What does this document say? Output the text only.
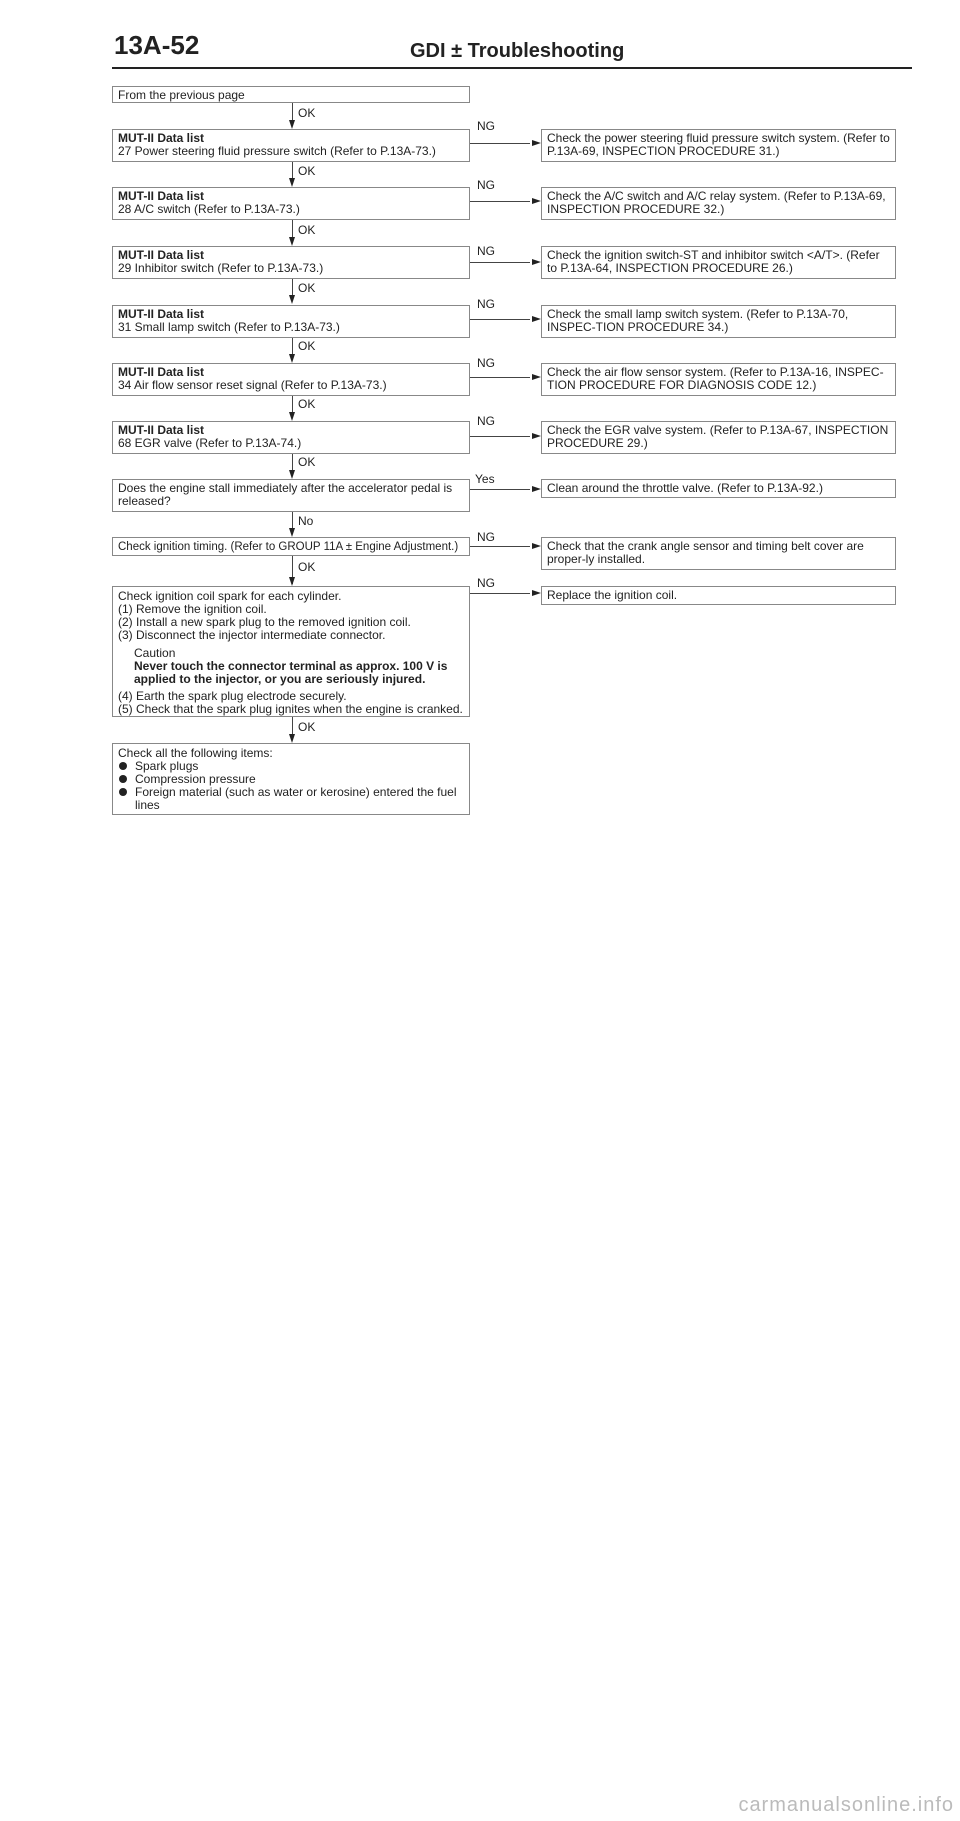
13A-52	GDI ± Troubleshooting
From the previous page
OK
MUT-II Data list
27 Power steering fluid pressure switch (Refer to P.13A-73.)
NG
Check the power steering fluid pressure switch system. (Refer to P.13A-69, INSPECTION PROCEDURE 31.)
OK
MUT-II Data list
28 A/C switch (Refer to P.13A-73.)
NG
Check the A/C switch and A/C relay system. (Refer to P.13A-69, INSPECTION PROCEDURE 32.)
OK
MUT-II Data list
29 Inhibitor switch (Refer to P.13A-73.)
NG	Check the ignition switch-ST and inhibitor switch <A/T>. (Refer to P.13A-64, INSPECTION PROCEDURE 26.)
OK
MUT-II Data list
31 Small lamp switch (Refer to P.13A-73.)
NG
Check the small lamp switch system. (Refer to P.13A-70, INSPEC-TION PROCEDURE 34.)
OK
MUT-II Data list
34 Air flow sensor reset signal (Refer to P.13A-73.)
NG
Check the air flow sensor system. (Refer to P.13A-16, INSPEC-TION PROCEDURE FOR DIAGNOSIS CODE 12.)
OK
MUT-II Data list
68 EGR valve (Refer to P.13A-74.)
NG
Check the EGR valve system. (Refer to P.13A-67, INSPECTION PROCEDURE 29.)
OK
Does the engine stall immediately after the accelerator pedal is released?
Yes
Clean around the throttle valve. (Refer to P.13A-92.)
No
Check ignition timing. (Refer to GROUP 11A ± Engine Adjustment.)
NG
Check that the crank angle sensor and timing belt cover are proper-ly installed.
OK
Check ignition coil spark for each cylinder.
(1) Remove the ignition coil.
(2) Install a new spark plug to the removed ignition coil.
(3) Disconnect the injector intermediate connector.
Caution
Never touch the connector terminal as approx. 100 V is applied to the injector, or you are seriously injured.
(4) Earth the spark plug electrode securely.
(5) Check that the spark plug ignites when the engine is cranked.
NG
Replace the ignition coil.
OK
Check all the following items:
Spark plugs
Compression pressure
Foreign material (such as water or kerosine) entered the fuel lines
carmanualsonline.info
